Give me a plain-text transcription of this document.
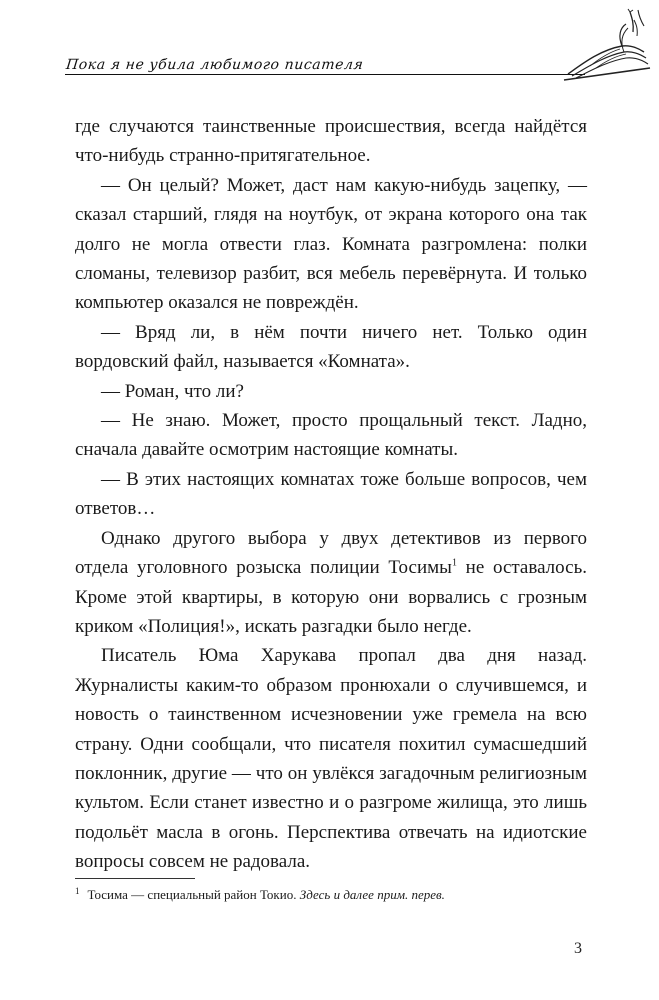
Пока я не убила любимого писателя

где случаются таинственные происшествия, всегда найдётся что-нибудь странно-притягательное.

— Он целый? Может, даст нам какую-нибудь зацепку, — сказал старший, глядя на ноутбук, от экрана которого она так долго не могла отвести глаз. Комната разгромлена: полки сломаны, телевизор разбит, вся мебель перевёрнута. И только компьютер оказался не повреждён.

— Вряд ли, в нём почти ничего нет. Только один вордовский файл, называется «Комната».

— Роман, что ли?

— Не знаю. Может, просто прощальный текст. Ладно, сначала давайте осмотрим настоящие комнаты.

— В этих настоящих комнатах тоже больше вопросов, чем ответов…

Однако другого выбора у двух детективов из первого отдела уголовного розыска полиции Тосимы$^1$ не оставалось. Кроме этой квартиры, в которую они ворвались с грозным криком «Полиция!», искать разгадки было негде.

Писатель Юма Харукава пропал два дня назад. Журналисты каким-то образом пронюхали о случившемся, и новость о таинственном исчезновении уже гремела на всю страну. Одни сообщали, что писателя похитил сумасшедший поклонник, другие — что он увлёкся загадочным религиозным культом. Если станет известно и о разгроме жилища, это лишь подольёт масла в огонь. Перспектива отвечать на идиотские вопросы совсем не радовала.

$^1$ Тосима — специальный район Токио. Здесь и далее прим. перев.
3
